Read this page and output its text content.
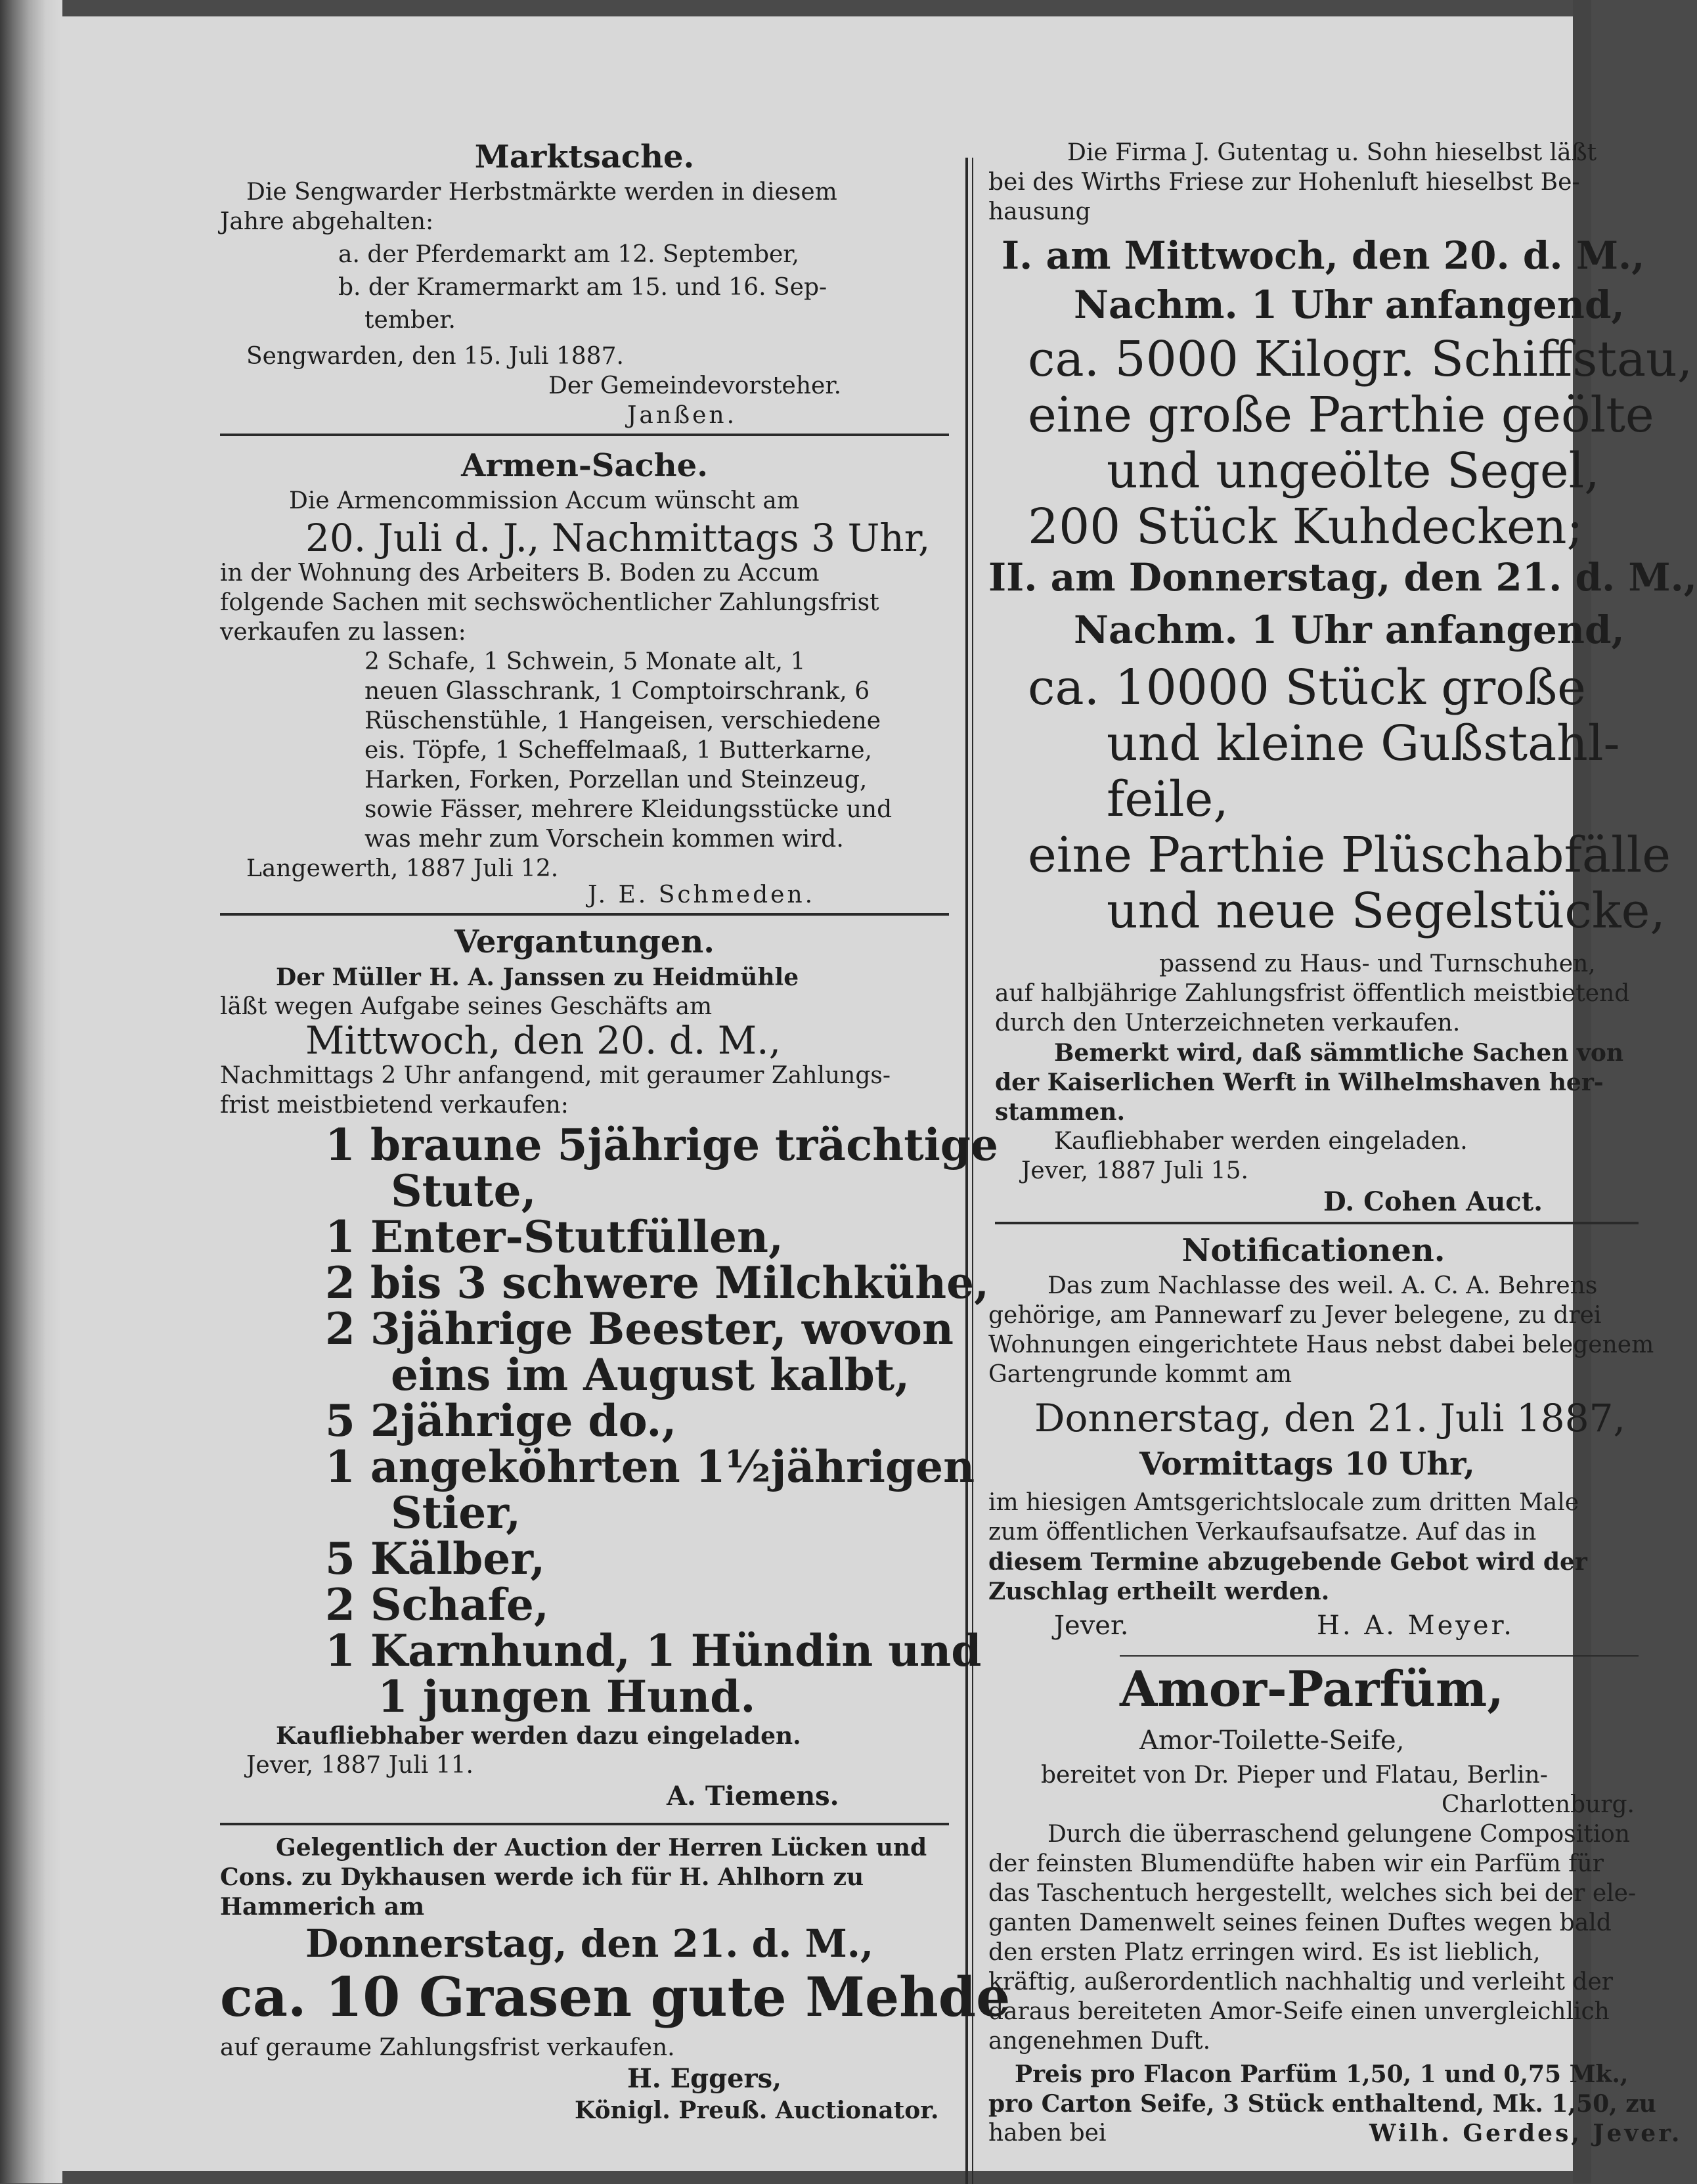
Marktsache.
Die Sengwarder Herbstmärkte werden in diesem
Jahre abgehalten:
a. der Pferdemarkt am 12. September,
b. der Kramermarkt am 15. und 16. Sep-
tember.
Sengwarden, den 15. Juli 1887.
Der Gemeindevorsteher.
Janßen.
Armen-Sache.
Die Armencommission Accum wünscht am
20. Juli d. J., Nachmittags 3 Uhr,
in der Wohnung des Arbeiters B. Boden zu Accum
folgende Sachen mit sechswöchentlicher Zahlungsfrist
verkaufen zu lassen:
2 Schafe, 1 Schwein, 5 Monate alt, 1
neuen Glasschrank, 1 Comptoirschrank, 6
Rüschenstühle, 1 Hangeisen, verschiedene
eis. Töpfe, 1 Scheffelmaaß, 1 Butterkarne,
Harken, Forken, Porzellan und Steinzeug,
sowie Fässer, mehrere Kleidungsstücke und
was mehr zum Vorschein kommen wird.
Langewerth, 1887 Juli 12.
J. E. Schmeden.
Vergantungen.
Der Müller H. A. Janssen zu Heidmühle
läßt wegen Aufgabe seines Geschäfts am
Mittwoch, den 20. d. M.,
Nachmittags 2 Uhr anfangend, mit geraumer Zahlungs-
frist meistbietend verkaufen:
1 braune 5jährige trächtige
Stute,
1 Enter-Stutfüllen,
2 bis 3 schwere Milchkühe,
2 3jährige Beester, wovon
eins im August kalbt,
5 2jährige do.,
1 angeköhrten 1½jährigen
Stier,
5 Kälber,
2 Schafe,
1 Karnhund, 1 Hündin und
1 jungen Hund.
Kaufliebhaber werden dazu eingeladen.
Jever, 1887 Juli 11.
A. Tiemens.
Gelegentlich der Auction der Herren Lücken und
Cons. zu Dykhausen werde ich für H. Ahlhorn zu
Hammerich am
Donnerstag, den 21. d. M.,
ca. 10 Grasen gute Mehde
auf geraume Zahlungsfrist verkaufen.
H. Eggers,
Königl. Preuß. Auctionator.
Die Firma J. Gutentag u. Sohn hieselbst läßt
bei des Wirths Friese zur Hohenluft hieselbst Be-
hausung
I. am Mittwoch, den 20. d. M.,
Nachm. 1 Uhr anfangend,
ca. 5000 Kilogr. Schiffstau,
eine große Parthie geölte
und ungeölte Segel,
200 Stück Kuhdecken;
II. am Donnerstag, den 21. d. M.,
Nachm. 1 Uhr anfangend,
ca. 10000 Stück große
und kleine Gußstahl-
feile,
eine Parthie Plüschabfälle
und neue Segelstücke,
passend zu Haus- und Turnschuhen,
auf halbjährige Zahlungsfrist öffentlich meistbietend
durch den Unterzeichneten verkaufen.
Bemerkt wird, daß sämmtliche Sachen von
der Kaiserlichen Werft in Wilhelmshaven her-
stammen.
Kaufliebhaber werden eingeladen.
Jever, 1887 Juli 15.
D. Cohen Auct.
Notificationen.
Das zum Nachlasse des weil. A. C. A. Behrens
gehörige, am Pannewarf zu Jever belegene, zu drei
Wohnungen eingerichtete Haus nebst dabei belegenem
Gartengrunde kommt am
Donnerstag, den 21. Juli 1887,
Vormittags 10 Uhr,
im hiesigen Amtsgerichtslocale zum dritten Male
zum öffentlichen Verkaufsaufsatze. Auf das in
diesem Termine abzugebende Gebot wird der
Zuschlag ertheilt werden.
Jever.	H. A. Meyer.
Amor-Parfüm,
Amor-Toilette-Seife,
bereitet von Dr. Pieper und Flatau, Berlin-
Charlottenburg.
Durch die überraschend gelungene Composition
der feinsten Blumendüfte haben wir ein Parfüm für
das Taschentuch hergestellt, welches sich bei der ele-
ganten Damenwelt seines feinen Duftes wegen bald
den ersten Platz erringen wird. Es ist lieblich,
kräftig, außerordentlich nachhaltig und verleiht der
daraus bereiteten Amor-Seife einen unvergleichlich
angenehmen Duft.
Preis pro Flacon Parfüm 1,50, 1 und 0,75 Mk.,
pro Carton Seife, 3 Stück enthaltend, Mk. 1,50, zu
haben bei	Wilh. Gerdes, Jever.
